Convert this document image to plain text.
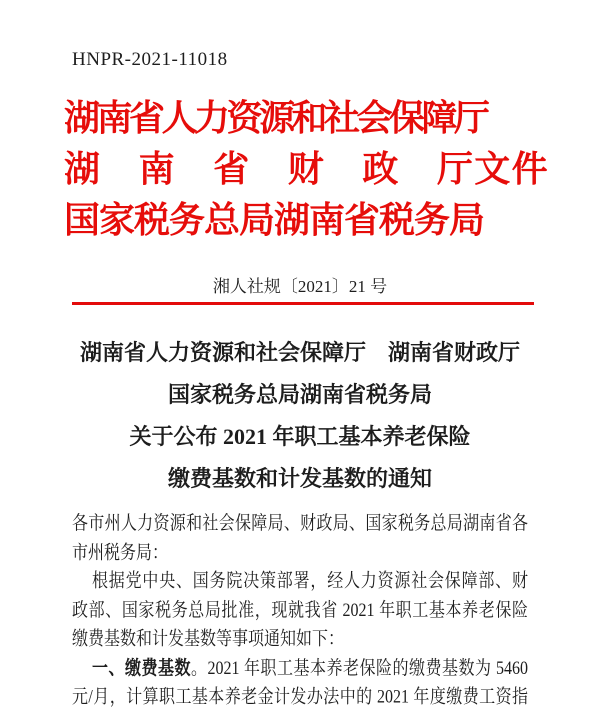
HNPR-2021-11018
湖南省人力资源和社会保障厅
湖 南 省 财 政 厅文件
国家税务总局湖南省税务局
湘人社规〔2021〕21 号
湖南省人力资源和社会保障厅　湖南省财政厅
国家税务总局湖南省税务局
关于公布 2021 年职工基本养老保险
缴费基数和计发基数的通知
各市州人力资源和社会保障局、财政局、国家税务总局湖南省各
市州税务局：
根据党中央、国务院决策部署，经人力资源社会保障部、财
政部、国家税务总局批准，现就我省 2021 年职工基本养老保险
缴费基数和计发基数等事项通知如下：
一、缴费基数。2021 年职工基本养老保险的缴费基数为 5460
元/月，计算职工基本养老金计发办法中的 2021 年度缴费工资指
